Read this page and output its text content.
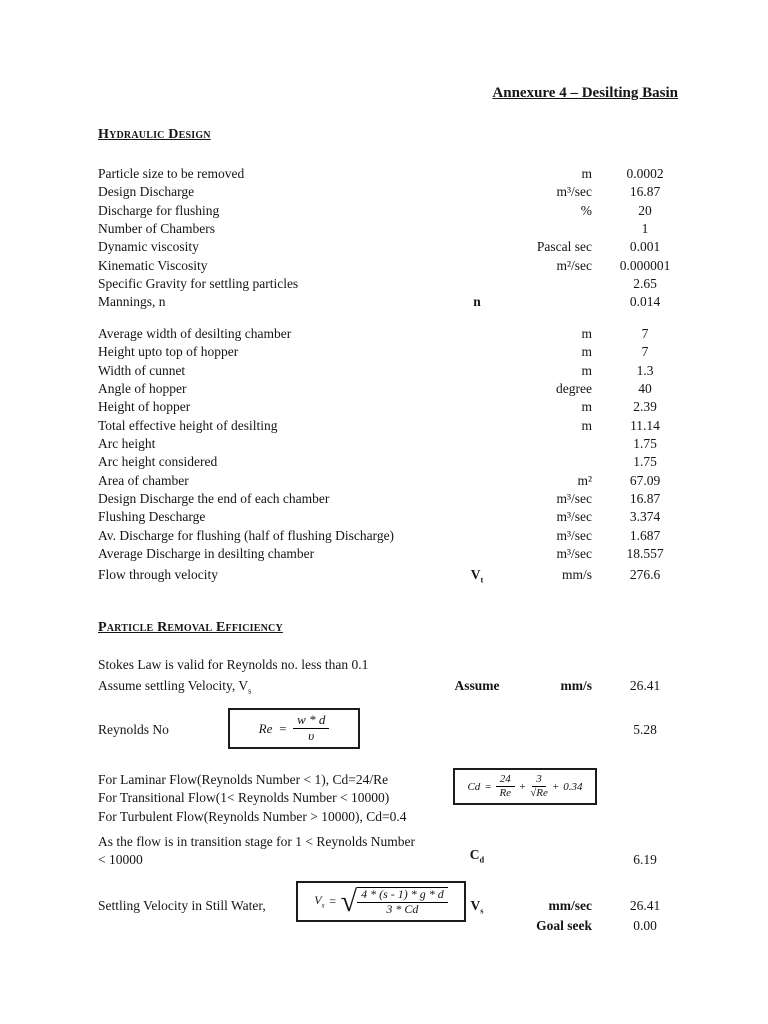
Annexure 4 – Desilting Basin
Hydraulic Design
Particle size to be removed	m	0.0002
Design Discharge	m³/sec	16.87
Discharge for flushing	%	20
Number of Chambers	1
Dynamic viscosity	Pascal sec	0.001
Kinematic Viscosity	m²/sec	0.000001
Specific Gravity for settling particles	2.65
Mannings, n	n	0.014
Average width of desilting chamber	m	7
Height upto top of hopper	m	7
Width of cunnet	m	1.3
Angle of hopper	degree	40
Height of hopper	m	2.39
Total effective height of desilting	m	11.14
Arc height	1.75
Arc height considered	1.75
Area of chamber	m²	67.09
Design Discharge the end of each chamber	m³/sec	16.87
Flushing Descharge	m³/sec	3.374
Av. Discharge for flushing (half of flushing Discharge)	m³/sec	1.687
Average Discharge in desilting chamber	m³/sec	18.557
Flow through velocity	$V_t$	mm/s	276.6
Particle Removal Efficiency
Stokes Law is valid for Reynolds no. less than 0.1
Assume settling Velocity, $V_s$	Assume	mm/s	26.41
Reynolds No	5.28
$Re = \frac{w * d}{\upsilon}$
For Laminar Flow(Reynolds Number < 1), Cd=24/Re
For Transitional Flow(1< Reynolds Number < 10000)
For Turbulent Flow(Reynolds Number > 10000), Cd=0.4
$Cd = \frac{24}{Re} + \frac{3}{√Re} + 0.34$
As the flow is in transition stage for 1 < Reynolds Number
< 10000	$C_d$	6.19
Settling Velocity in Still Water,	$V_s$	mm/sec	26.41
$V_s$ = √ $\frac{4 * (s - 1) * g * d}{3 * Cd}$
Goal seek	0.00
